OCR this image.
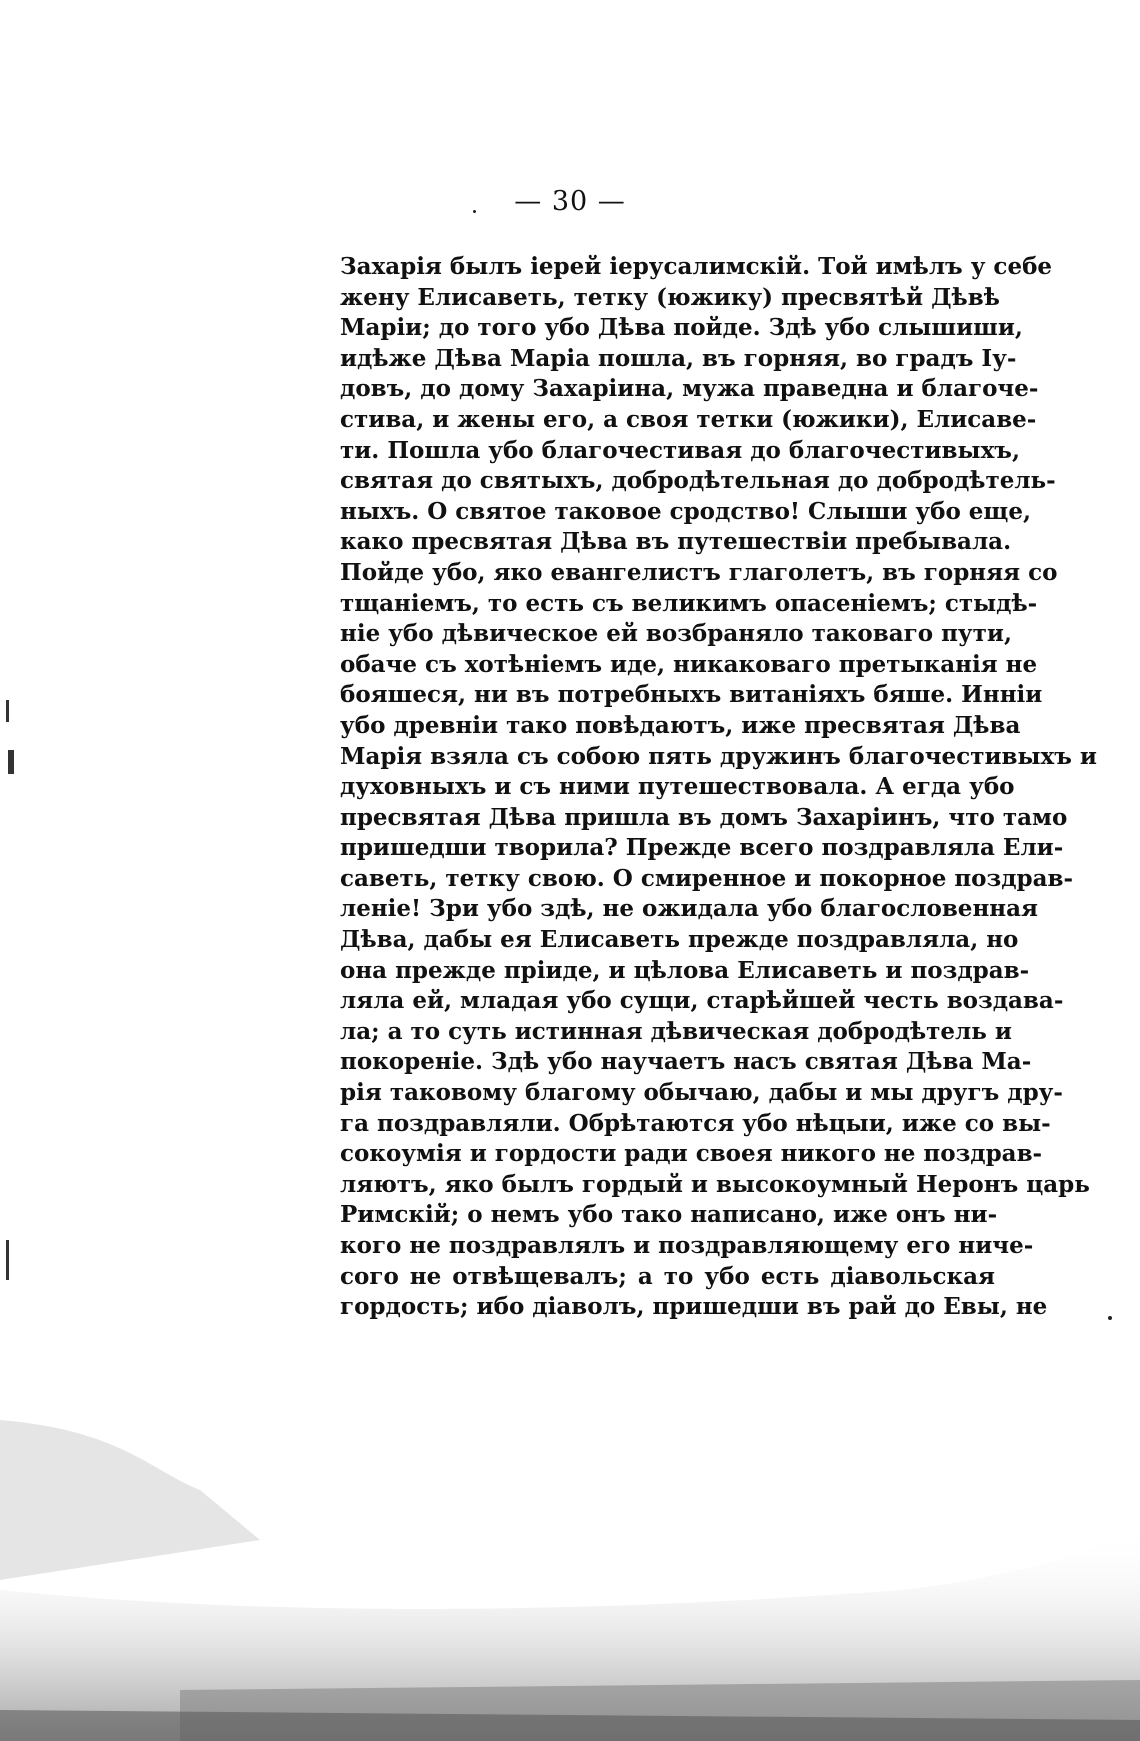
— 30 —
Захарія былъ іерей іерусалимскій. Той имѣлъ у себе
жену Елисаветь, тетку (южику) пресвятѣй Дѣвѣ
Маріи; до того убо Дѣва пойде. Здѣ убо слышиши,
идѣже Дѣва Маріа пошла, въ горняя, во градъ Іу-
довъ, до дому Захаріина, мужа праведна и благоче-
стива, и жены его, а своя тетки (южики), Елисаве-
ти. Пошла убо благочестивая до благочестивыхъ,
святая до святыхъ, добродѣтельная до добродѣтель-
ныхъ. О святое таковое сродство! Слыши убо еще,
како пресвятая Дѣва въ путешествіи пребывала.
Пойде убо, яко евангелистъ глаголетъ, въ горняя со
тщаніемъ, то есть съ великимъ опасеніемъ; стыдѣ-
ніе убо дѣвическое ей возбраняло таковаго пути,
обаче съ хотѣніемъ иде, никаковаго претыканія не
бояшеся, ни въ потребныхъ витаніяхъ бяше. Инніи
убо древніи тако повѣдаютъ, иже пресвятая Дѣва
Марія взяла съ собою пять дружинъ благочестивыхъ и
духовныхъ и съ ними путешествовала. А егда убо
пресвятая Дѣва пришла въ домъ Захаріинъ, что тамо
пришедши творила? Прежде всего поздравляла Ели-
саветь, тетку свою. О смиренное и покорное поздрав-
леніе! Зри убо здѣ, не ожидала убо благословенная
Дѣва, дабы ея Елисаветь прежде поздравляла, но
она прежде пріиде, и цѣлова Елисаветь и поздрав-
ляла ей, младая убо сущи, старѣйшей честь воздава-
ла; а то суть истинная дѣвическая добродѣтель и
покореніе. Здѣ убо научаетъ насъ святая Дѣва Ма-
рія таковому благому обычаю, дабы и мы другъ дру-
га поздравляли. Обрѣтаются убо нѣцыи, иже со вы-
сокоумія и гордости ради своея никого не поздрав-
ляютъ, яко былъ гордый и высокоумный Неронъ царь
Римскій; о немъ убо тако написано, иже онъ ни-
кого не поздравлялъ и поздравляющему его ниче-
сого не отвѣщевалъ; а то убо есть діавольская
гордость; ибо діаволъ, пришедши въ рай до Евы, не
